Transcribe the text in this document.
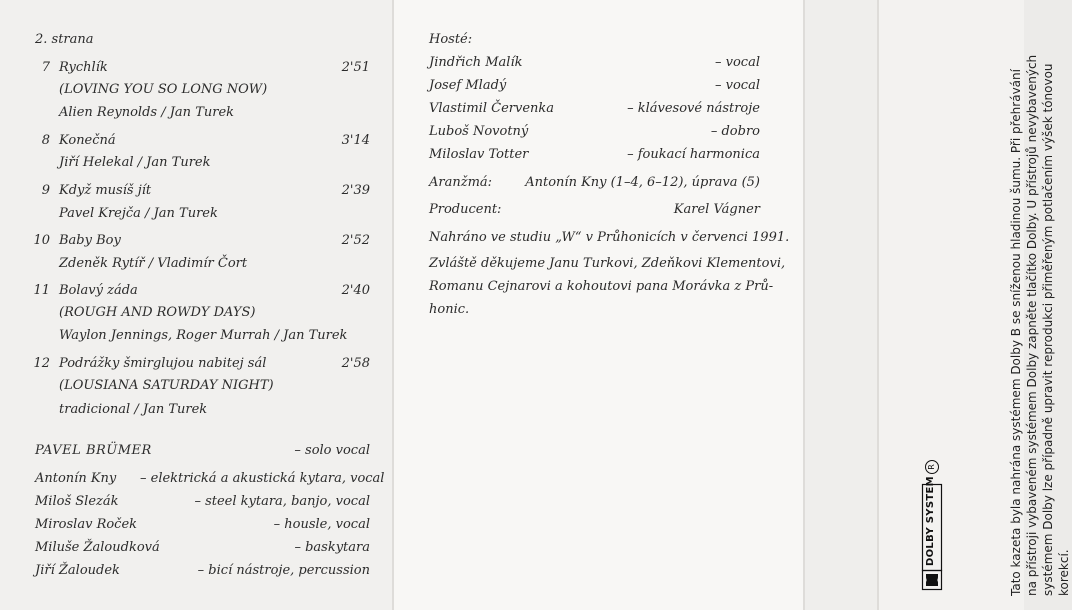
2. strana
7 Rychlík	2'51
(LOVING YOU SO LONG NOW)
Alien Reynolds / Jan Turek
8 Konečná	3'14
Jiří Helekal / Jan Turek
9 Když musíš jít	2'39
Pavel Krejča / Jan Turek
10 Baby Boy	2'52
Zdeněk Rytíř / Vladimír Čort
11 Bolavý záda	2'40
(ROUGH AND ROWDY DAYS)
Waylon Jennings, Roger Murrah / Jan Turek
12 Podrážky šmirglujou nabitej sál	2'58
(LOUSIANA SATURDAY NIGHT)
tradicional / Jan Turek
PAVEL BRÜMER	– solo vocal
Antonín Kny – elektrická a akustická kytara, vocal
Miloš Slezák	– steel kytara, banjo, vocal
Miroslav Roček	– housle, vocal
Miluše Žaloudková	– baskytara
Jiří Žaloudek	– bicí nástroje, percussion
Hosté:
Jindřich Malík	– vocal
Josef Mladý	– vocal
Vlastimil Červenka	– klávesové nástroje
Luboš Novotný	– dobro
Miloslav Totter	– foukací harmonica
Aranžmá:	Antonín Kny (1–4, 6–12), úprava (5)
Producent:	Karel Vágner
Nahráno ve studiu „W“ v Průhonicích v červenci 1991.
Zvláště děkujeme Janu Turkovi, Zdeňkovi Klementovi,
Romanu Cejnarovi a kohoutovi pana Morávka z Prů-
honic.
DOLBY SYSTEM
R	Tato kazeta byla nahrána systémem Dolby B se sníženou hladinou šumu. Při přehrávání na přístroji vybaveném systémem Dolby zapněte tlačítko Dolby. U přístrojů nevybavených systémem Dolby lze případně upravit reprodukci přiměřeným potlačením výšek tónovou korekcí.
